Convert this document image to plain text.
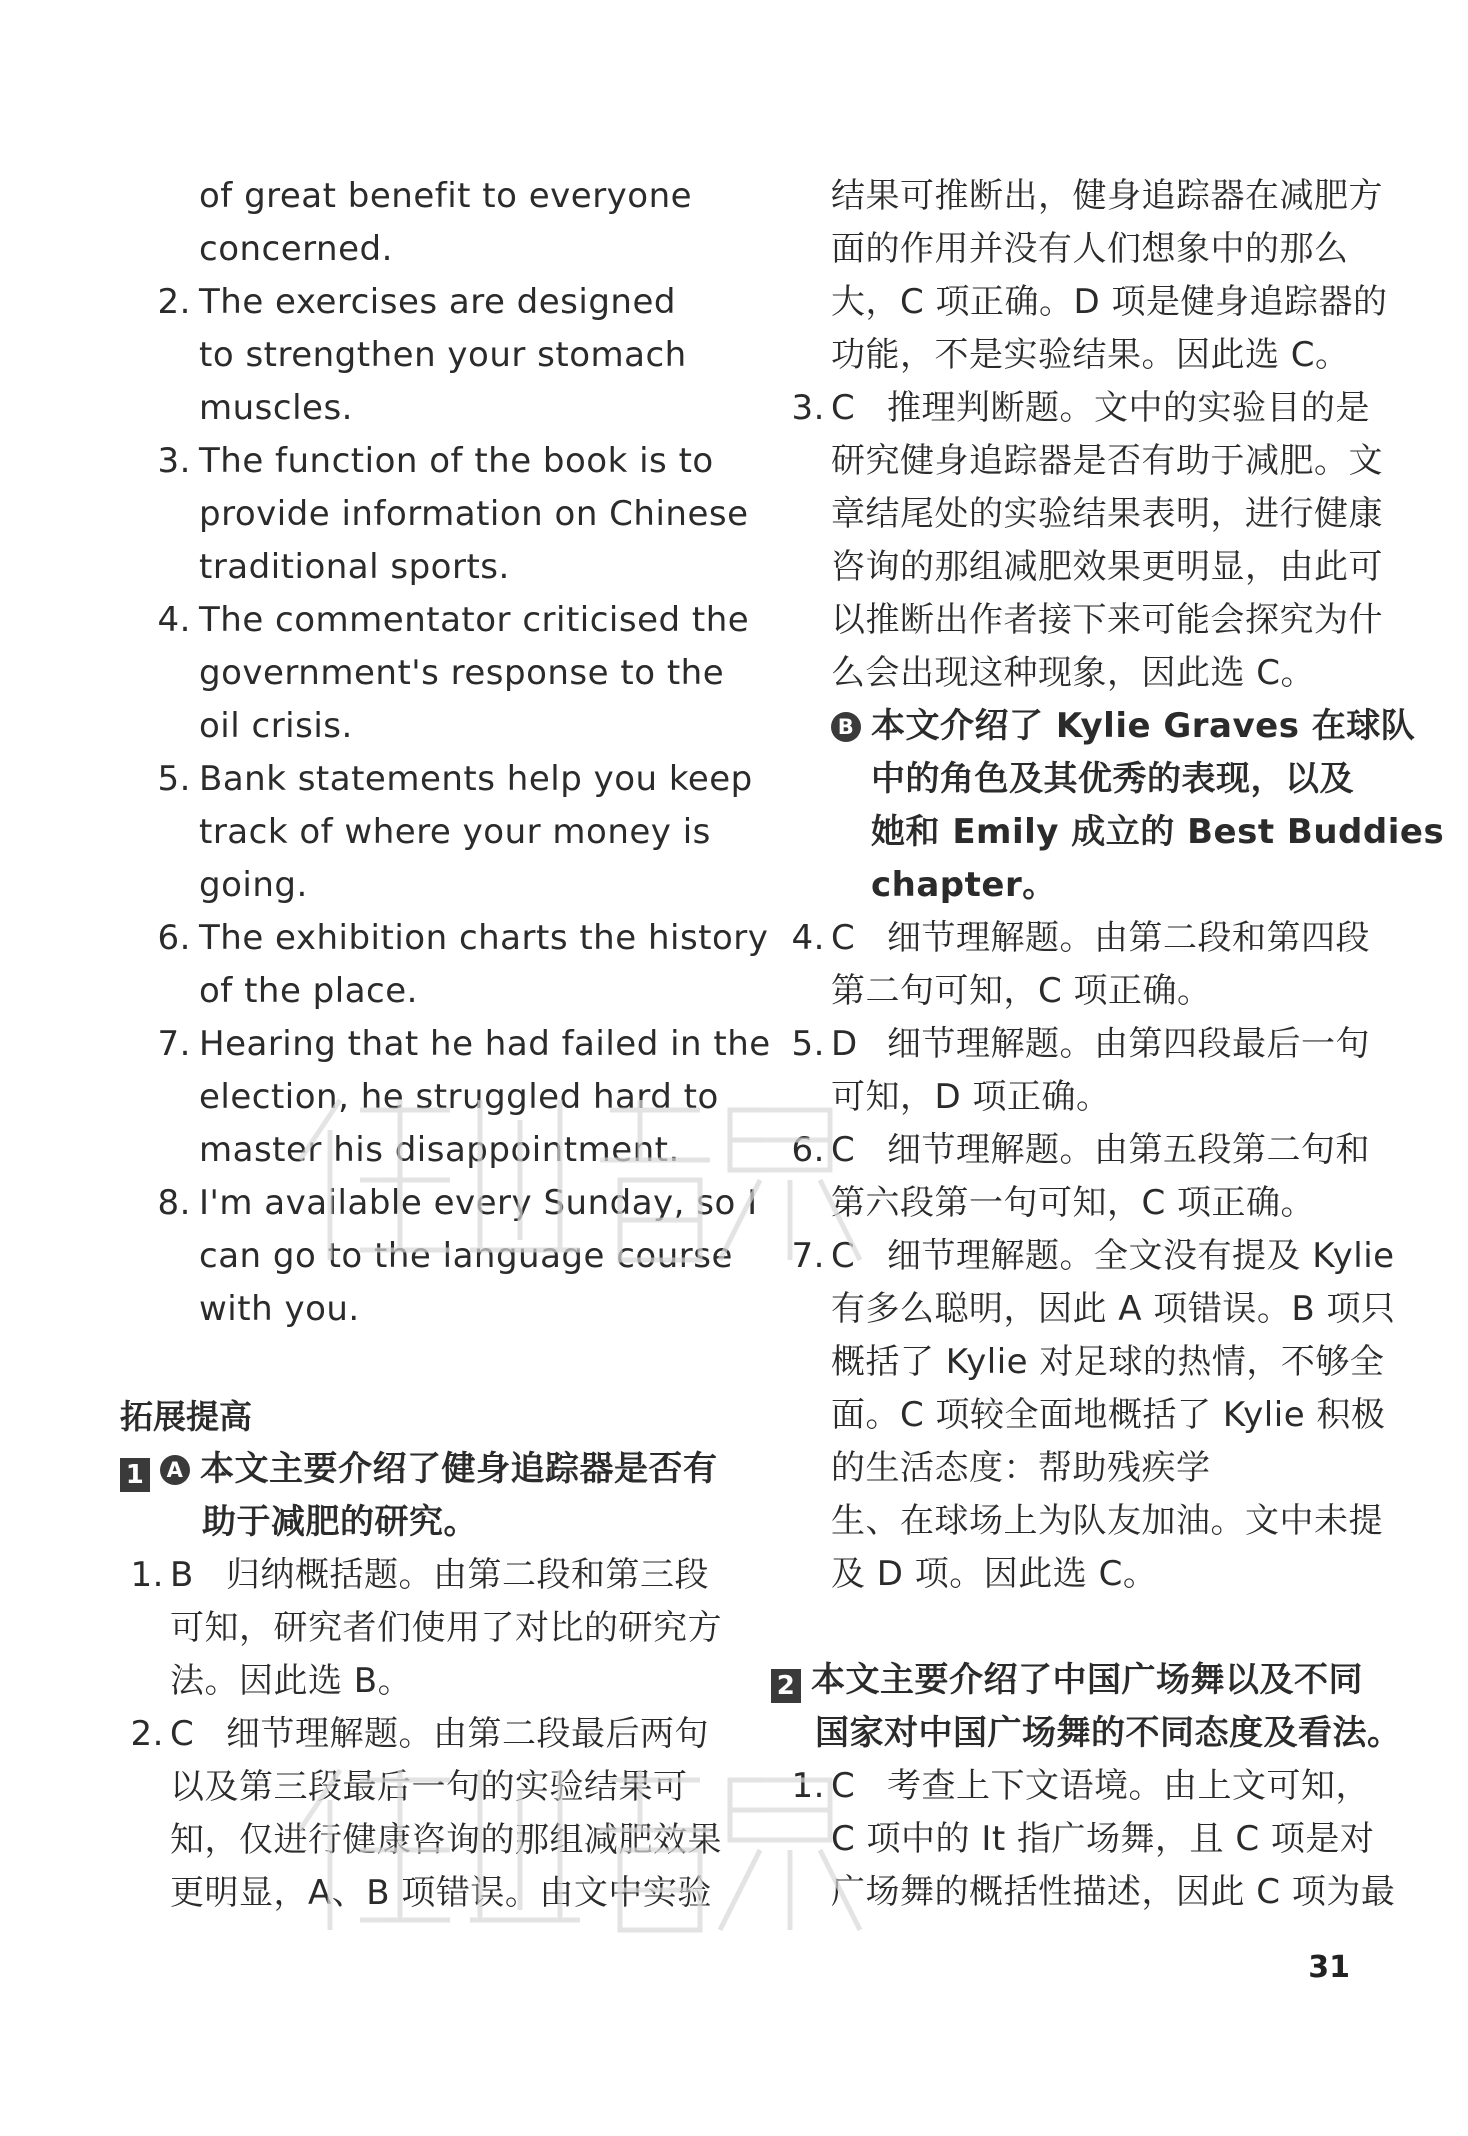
of great benefit to everyone
concerned.
2. The exercises are designed
to strengthen your stomach
muscles.
3. The function of the book is to
provide information on Chinese
traditional sports.
4. The commentator criticised the
government's response to the
oil crisis.
5. Bank statements help you keep
track of where your money is
going.
6. The exhibition charts the history
of the place.
7. Hearing that he had failed in the
election, he struggled hard to
master his disappointment.
8. I'm available every Sunday, so I
can go to the language course
with you.
拓展提高
1 A 本文主要介绍了健身追踪器是否有
助于减肥的研究。
1. B 归纳概括题。由第二段和第三段
可知，研究者们使用了对比的研究方
法。因此选 B。
2. C 细节理解题。由第二段最后两句
以及第三段最后一句的实验结果可
知，仅进行健康咨询的那组减肥效果
更明显，A、B 项错误。由文中实验
结果可推断出，健身追踪器在减肥方
面的作用并没有人们想象中的那么
大，C 项正确。D 项是健身追踪器的
功能，不是实验结果。因此选 C。
3. C 推理判断题。文中的实验目的是
研究健身追踪器是否有助于减肥。文
章结尾处的实验结果表明，进行健康
咨询的那组减肥效果更明显，由此可
以推断出作者接下来可能会探究为什
么会出现这种现象，因此选 C。
B 本文介绍了 Kylie Graves 在球队
中的角色及其优秀的表现，以及
她和 Emily 成立的 Best Buddies
chapter。
4. C 细节理解题。由第二段和第四段
第二句可知，C 项正确。
5. D 细节理解题。由第四段最后一句
可知，D 项正确。
6. C 细节理解题。由第五段第二句和
第六段第一句可知，C 项正确。
7. C 细节理解题。全文没有提及 Kylie
有多么聪明，因此 A 项错误。B 项只
概括了 Kylie 对足球的热情，不够全
面。C 项较全面地概括了 Kylie 积极
的生活态度：帮助残疾学
生、在球场上为队友加油。文中未提
及 D 项。因此选 C。
2 本文主要介绍了中国广场舞以及不同
国家对中国广场舞的不同态度及看法。
1. C 考查上下文语境。由上文可知，
C 项中的 It 指广场舞，且 C 项是对
广场舞的概括性描述，因此 C 项为最
31
